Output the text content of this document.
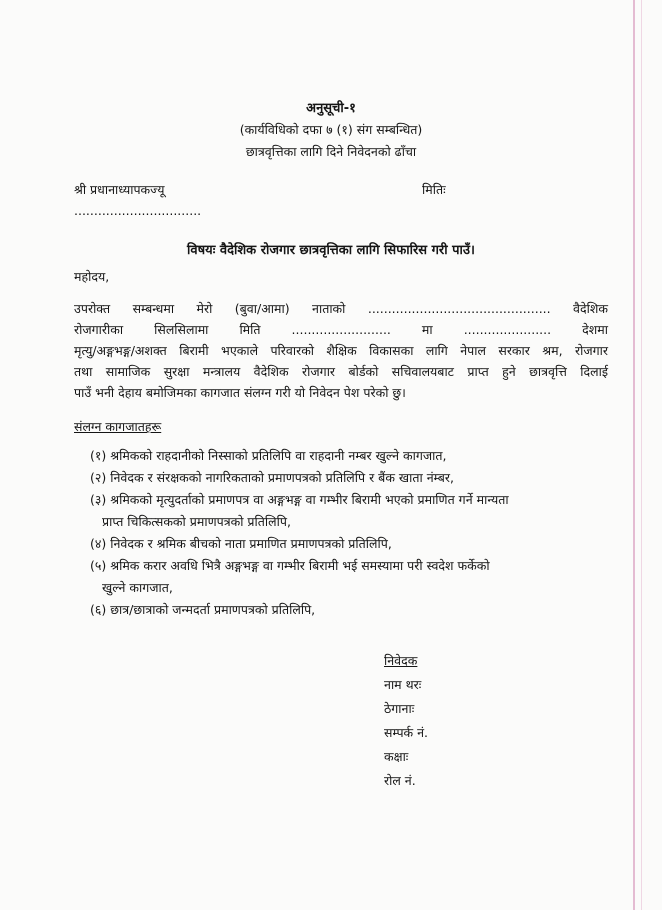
अनुसूची-१
(कार्यविधिको दफा ७ (१) संग सम्बन्धित)
छात्रवृत्तिका लागि दिने निवेदनको ढाँचा
श्री प्रधानाध्यापकज्यू	मितिः
................................
विषयः वैदेशिक रोजगार छात्रवृत्तिका लागि सिफारिस गरी पाउँ।
महोदय,
उपरोक्त सम्बन्धमा मेरो (बुवा/आमा) नाताको .............................................. वैदेशिक
रोजगारीका सिलसिलामा मिति ......................... मा ...................... देशमा
मृत्यु/अङ्गभङ्ग/अशक्त बिरामी भएकाले परिवारको शैक्षिक विकासका लागि नेपाल सरकार श्रम, रोजगार
तथा सामाजिक सुरक्षा मन्त्रालय वैदेशिक रोजगार बोर्डको सचिवालयबाट प्राप्त हुने छात्रवृत्ति दिलाई
पाउँ भनी देहाय बमोजिमका कागजात संलग्न गरी यो निवेदन पेश परेको छु।
संलग्न कागजातहरू
(१) श्रमिकको राहदानीको निस्साको प्रतिलिपि वा राहदानी नम्बर खुल्ने कागजात,
(२) निवेदक र संरक्षकको नागरिकताको प्रमाणपत्रको प्रतिलिपि र बैंक खाता नंम्बर,
(३) श्रमिकको मृत्युदर्ताको प्रमाणपत्र वा अङ्गभङ्ग वा गम्भीर बिरामी भएको प्रमाणित गर्ने मान्यता
प्राप्त चिकित्सकको प्रमाणपत्रको प्रतिलिपि,
(४) निवेदक र श्रमिक बीचको नाता प्रमाणित प्रमाणपत्रको प्रतिलिपि,
(५) श्रमिक करार अवधि भित्रै अङ्गभङ्ग वा गम्भीर बिरामी भई समस्यामा परी स्वदेश फर्केको
खुल्ने कागजात,
(६) छात्र/छात्राको जन्मदर्ता प्रमाणपत्रको प्रतिलिपि,
निवेदक
नाम थरः
ठेगानाः
सम्पर्क नं.
कक्षाः
रोल नं.
